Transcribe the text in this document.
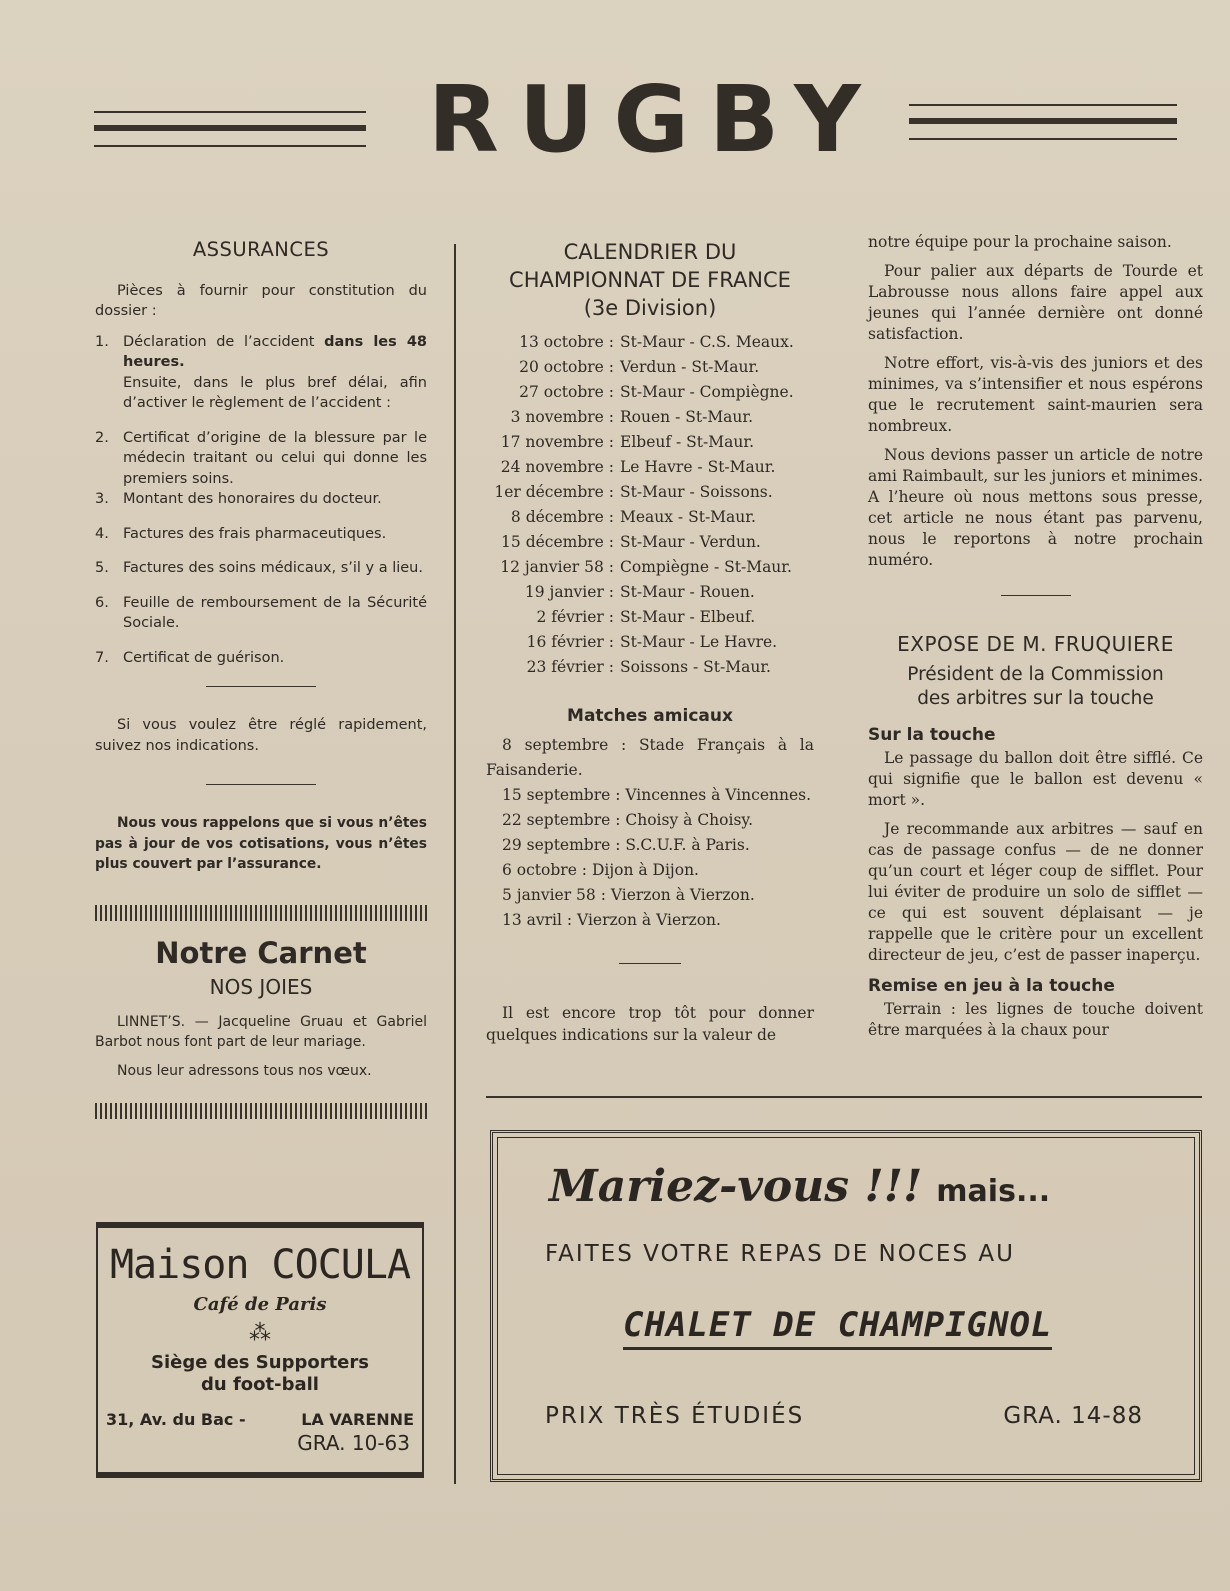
RUGBY
ASSURANCES

Pièces à fournir pour constitution du dossier :

1. Déclaration de l’accident dans les 48 heures.
Ensuite, dans le plus bref délai, afin d’activer le règlement de l’accident :
2. Certificat d’origine de la blessure par le médecin traitant ou celui qui donne les premiers soins.
3. Montant des honoraires du docteur.
4. Factures des frais pharmaceutiques.
5. Factures des soins médicaux, s’il y a lieu.
6. Feuille de remboursement de la Sécurité Sociale.
7. Certificat de guérison.

Si vous voulez être réglé rapidement, suivez nos indications.

Nous vous rappelons que si vous n’êtes pas à jour de vos cotisations, vous n’êtes plus couvert par l’assurance.

Notre Carnet
NOS JOIES

LINNET’S. — Jacqueline Gruau et Gabriel Barbot nous font part de leur mariage.

Nous leur adressons tous nos vœux.

Maison COCULA
Café de Paris
⁂
Siège des Supporters
du foot-ball
31, Av. du Bac -	LA VARENNE
GRA. 10-63
CALENDRIER DU
CHAMPIONNAT DE FRANCE
(3e Division)
13 octobre : St-Maur - C.S. Meaux.
20 octobre : Verdun - St-Maur.
27 octobre : St-Maur - Compiègne.
3 novembre : Rouen - St-Maur.
17 novembre : Elbeuf - St-Maur.
24 novembre : Le Havre - St-Maur.
1er décembre : St-Maur - Soissons.
8 décembre : Meaux - St-Maur.
15 décembre : St-Maur - Verdun.
12 janvier 58 : Compiègne - St-Maur.
19 janvier : St-Maur - Rouen.
2 février : St-Maur - Elbeuf.
16 février : St-Maur - Le Havre.
23 février : Soissons - St-Maur.
Matches amicaux

8 septembre : Stade Français à la Faisanderie.

15 septembre : Vincennes à Vincennes.

22 septembre : Choisy à Choisy.

29 septembre : S.C.U.F. à Paris.

6 octobre : Dijon à Dijon.

5 janvier 58 : Vierzon à Vierzon.

13 avril : Vierzon à Vierzon.

Il est encore trop tôt pour donner quelques indications sur la valeur de

notre équipe pour la prochaine saison.

Pour palier aux départs de Tourde et Labrousse nous allons faire appel aux jeunes qui l’année dernière ont donné satisfaction.

Notre effort, vis-à-vis des juniors et des minimes, va s’intensifier et nous espérons que le recrutement saint-maurien sera nombreux.

Nous devions passer un article de notre ami Raimbault, sur les juniors et minimes. A l’heure où nous mettons sous presse, cet article ne nous étant pas parvenu, nous le reportons à notre prochain numéro.

EXPOSE DE M. FRUQUIERE
Président de la Commission
des arbitres sur la touche
Sur la touche

Le passage du ballon doit être sifflé. Ce qui signifie que le ballon est devenu « mort ».

Je recommande aux arbitres — sauf en cas de passage confus — de ne donner qu’un court et léger coup de sifflet. Pour lui éviter de produire un solo de sifflet — ce qui est souvent déplaisant — je rappelle que le critère pour un excellent directeur de jeu, c’est de passer inaperçu.

Remise en jeu à la touche

Terrain : les lignes de touche doivent être marquées à la chaux pour

Mariez-vous !!! mais...
FAITES VOTRE REPAS DE NOCES AU
CHALET DE CHAMPIGNOL
PRIX TRÈS ÉTUDIÉS	GRA. 14-88
